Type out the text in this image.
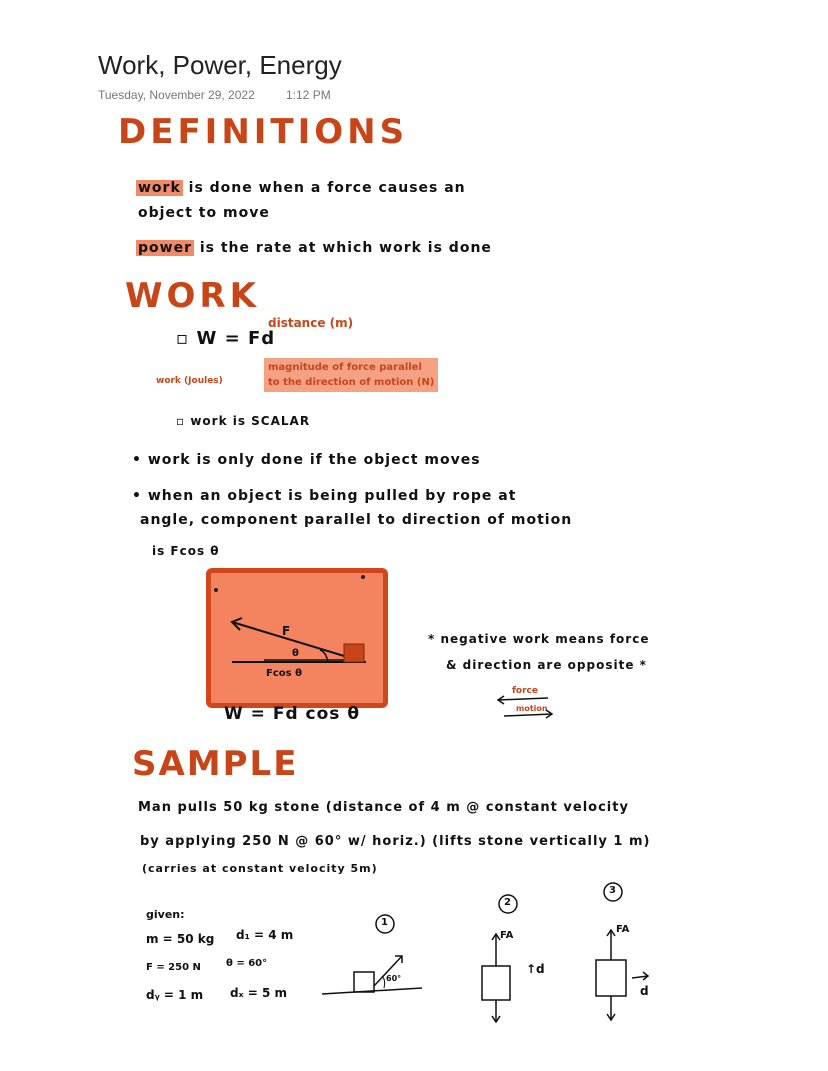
Work, Power, Energy
Tuesday, November 29, 2022	1:12 PM
DEFINITIONS
work is done when a force causes an
object to move
power is the rate at which work is done
WORK
▫ W = Fd
distance (m)
work (Joules)
magnitude of force parallel
to the direction of motion (N)
▫ work is SCALAR
• work is only done if the object moves
• when an object is being pulled by rope at
angle, component parallel to direction of motion
is Fcos θ
F
θ
Fcos θ
W = Fd cos θ
* negative work means force
& direction are opposite *
force
motion
SAMPLE
Man pulls 50 kg stone (distance of 4 m @ constant velocity
by applying 250 N @ 60° w/ horiz.) (lifts stone vertically 1 m)
(carries at constant velocity 5m)
given:
m = 50 kg d₁ = 4 m
F = 250 N	θ = 60°
dᵧ = 1 m dₓ = 5 m
1
2
3
60°
FA
↑d
FA
d
